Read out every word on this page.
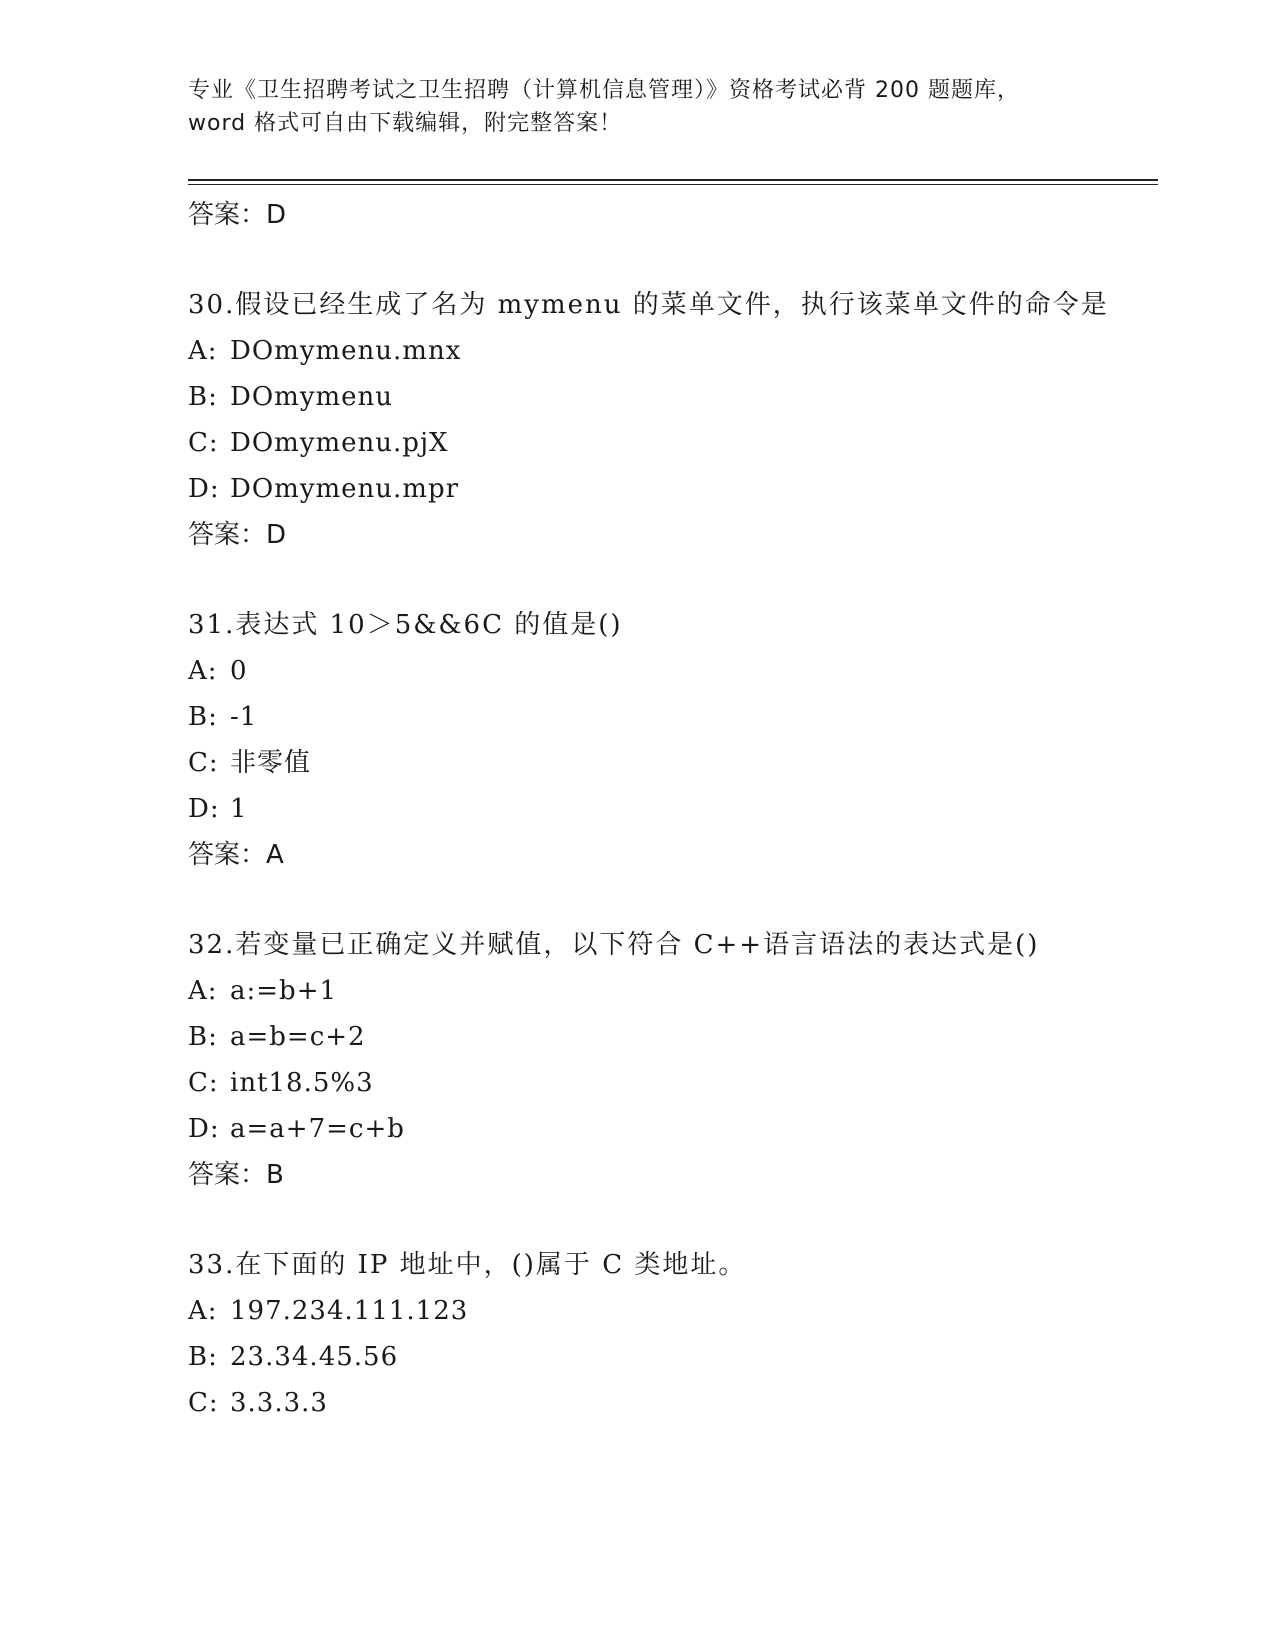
专业《卫生招聘考试之卫生招聘（计算机信息管理）》资格考试必背 200 题题库，
word 格式可自由下载编辑，附完整答案！
答案：D
30.假设已经生成了名为 mymenu 的菜单文件，执行该菜单文件的命令是
A: DOmymenu.mnx
B: DOmymenu
C: DOmymenu.pjX
D: DOmymenu.mpr
答案：D
31.表达式 10＞5&&6C 的值是()
A: 0
B: -1
C: 非零值
D: 1
答案：A
32.若变量已正确定义并赋值，以下符合 C++语言语法的表达式是()
A: a:=b+1
B: a=b=c+2
C: int18.5%3
D: a=a+7=c+b
答案：B
33.在下面的 IP 地址中，()属于 C 类地址。
A: 197.234.111.123
B: 23.34.45.56
C: 3.3.3.3
